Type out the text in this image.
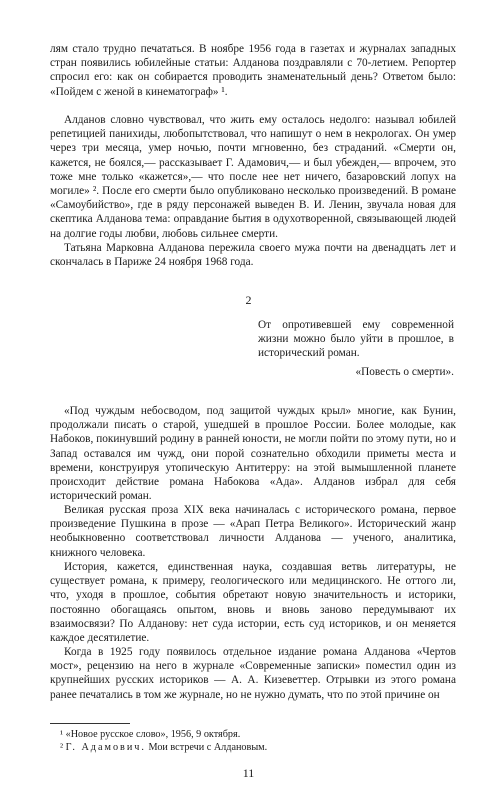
лям стало трудно печататься. В ноябре 1956 года в газетах и журналах западных стран появились юбилейные статьи: Алданова поздравляли с 70-летием. Репортер спросил его: как он собирается проводить знаменательный день? Ответом было: «Пойдем с женой в кинематограф» ¹.

Алданов словно чувствовал, что жить ему осталось недолго: называл юбилей репетицией панихиды, любопытствовал, что напишут о нем в некрологах. Он умер через три месяца, умер ночью, почти мгновенно, без страданий. «Смерти он, кажется, не боялся,— рассказывает Г. Адамович,— и был убежден,— впрочем, это тоже мне только «кажется»,— что после нее нет ничего, базаровский лопух на могиле» ². После его смерти было опубликовано несколько произведений. В романе «Самоубийство», где в ряду персонажей выведен В. И. Ленин, звучала новая для скептика Алданова тема: оправдание бытия в одухотворенной, связывающей людей на долгие годы любви, любовь сильнее смерти.

Татьяна Марковна Алданова пережила своего мужа почти на двенадцать лет и скончалась в Париже 24 ноября 1968 года.

2
От опротивевшей ему современной жизни можно было уйти в прошлое, в исторический роман.
«Повесть о смерти».

«Под чуждым небосводом, под защитой чуждых крыл» многие, как Бунин, продолжали писать о старой, ушедшей в прошлое России. Более молодые, как Набоков, покинувший родину в ранней юности, не могли пойти по этому пути, но и Запад оставался им чужд, они порой сознательно обходили приметы места и времени, конструируя утопическую Антитерру: на этой вымышленной планете происходит действие романа Набокова «Ада». Алданов избрал для себя исторический роман.

Великая русская проза XIX века начиналась с исторического романа, первое произведение Пушкина в прозе — «Арап Петра Великого». Исторический жанр необыкновенно соответствовал личности Алданова — ученого, аналитика, книжного человека.

История, кажется, единственная наука, создавшая ветвь литературы, не существует романа, к примеру, геологического или медицинского. Не оттого ли, что, уходя в прошлое, события обретают новую значительность и историки, постоянно обогащаясь опытом, вновь и вновь заново передумывают их взаимосвязи? По Алданову: нет суда истории, есть суд историков, и он меняется каждое десятилетие.

Когда в 1925 году появилось отдельное издание романа Алданова «Чертов мост», рецензию на него в журнале «Современные записки» поместил один из крупнейших русских историков — А. А. Кизеветтер. Отрывки из этого романа ранее печатались в том же журнале, но не нужно думать, что по этой причине он

¹ «Новое русское слово», 1956, 9 октября.
² Г. Адамович. Мои встречи с Алдановым.
11
